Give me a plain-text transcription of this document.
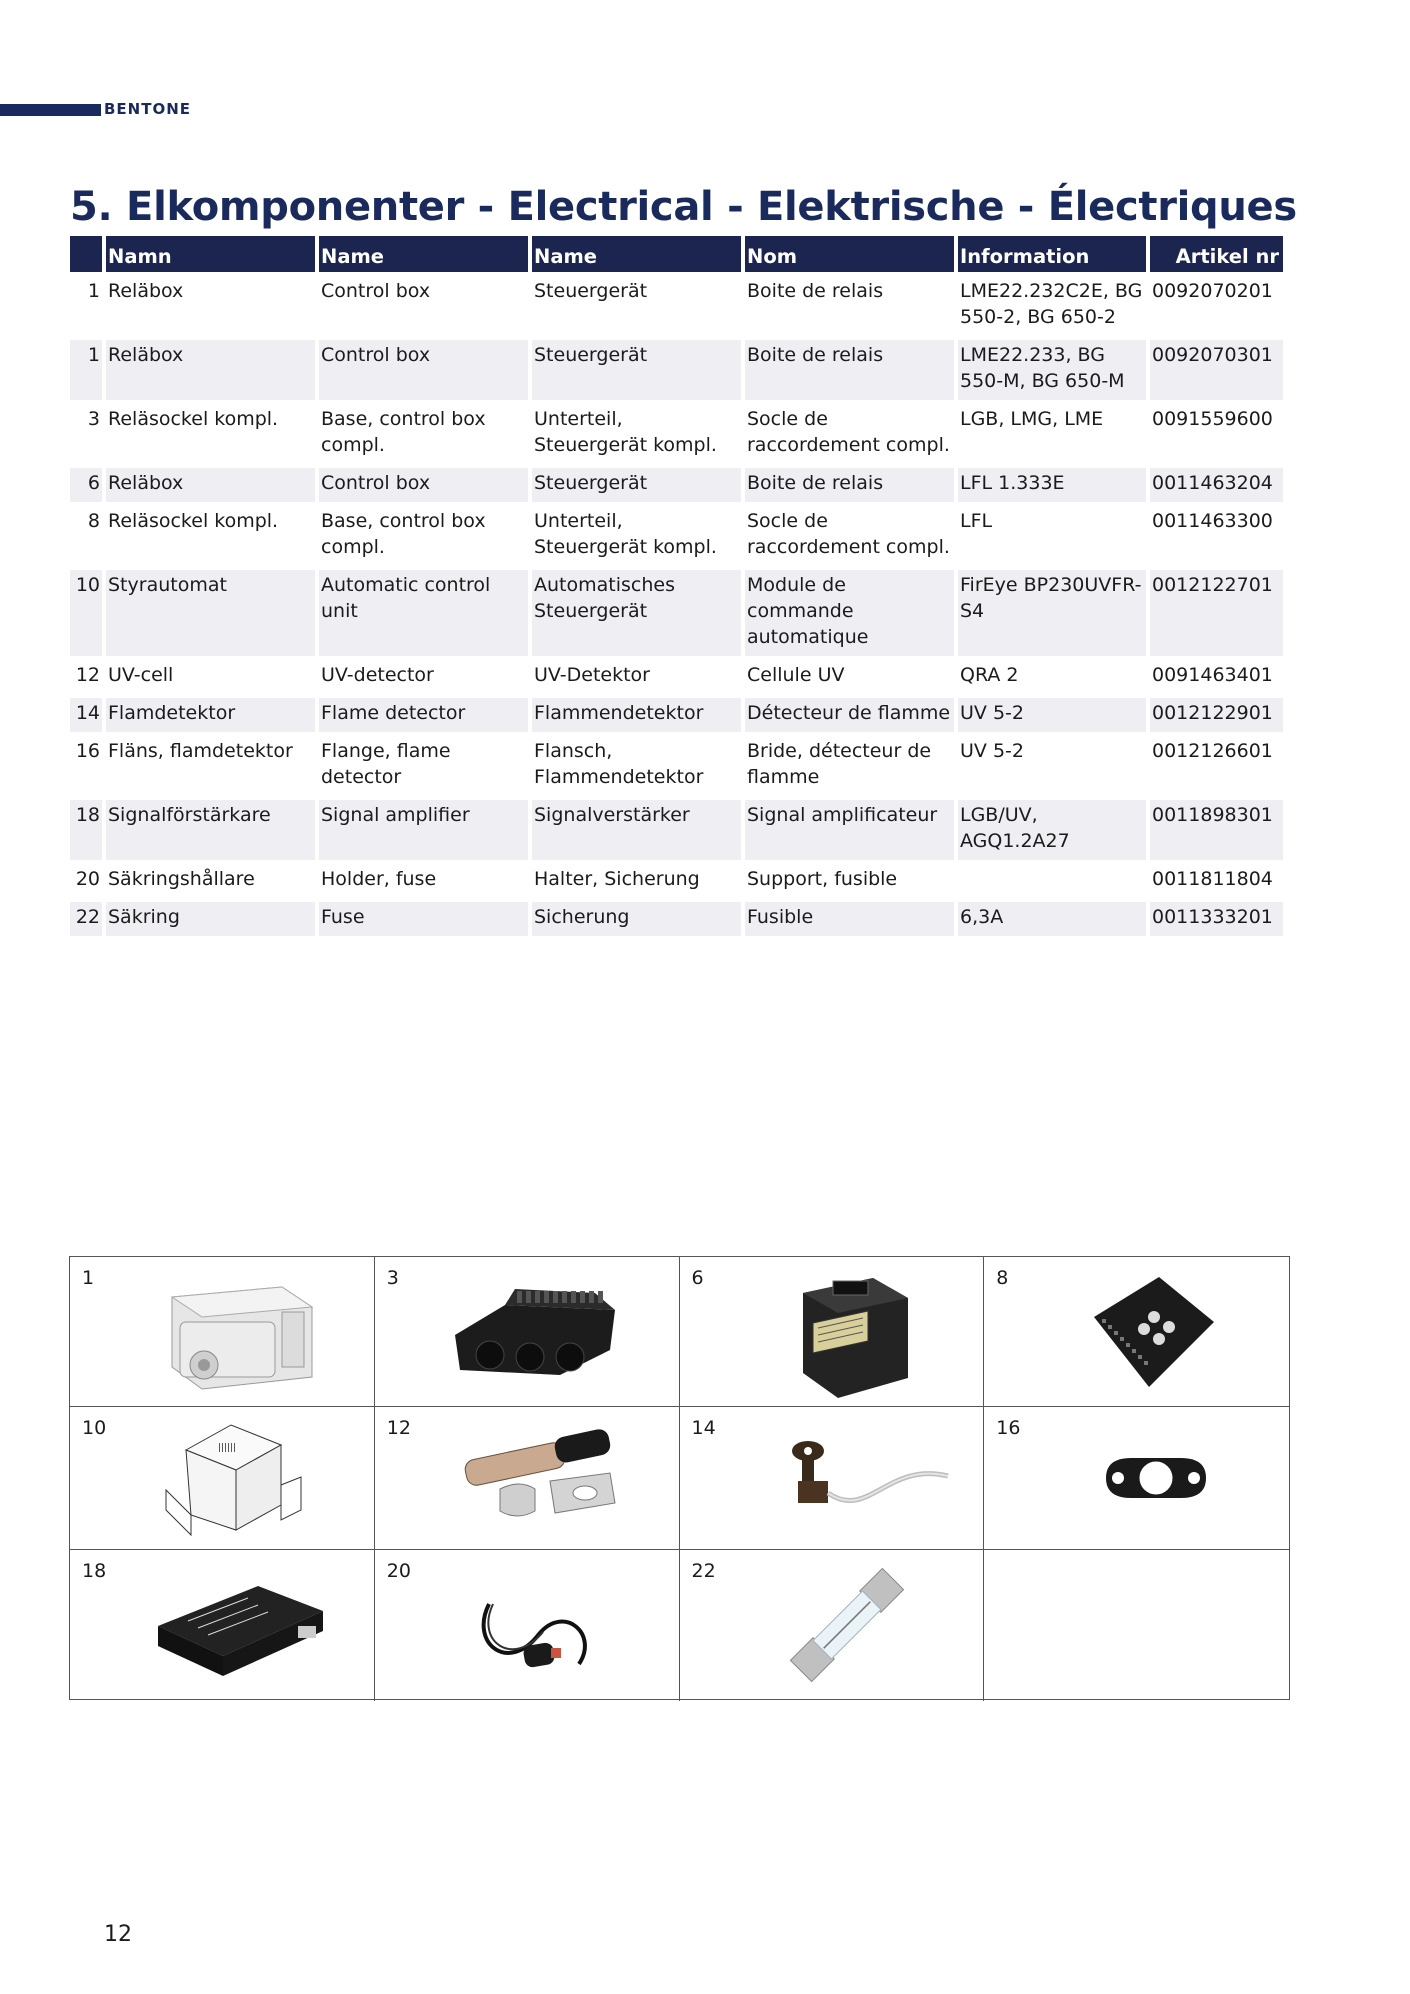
BENTONE
5. Elkomponenter - Electrical - Elektrische - Électriques
	Namn	Name	Name	Nom	Information	Artikel nr
1	Reläbox	Control box	Steuergerät	Boite de relais	LME22.232C2E, BG 550-2, BG 650-2	0092070201
1	Reläbox	Control box	Steuergerät	Boite de relais	LME22.233, BG 550-M, BG 650-M	0092070301
3	Reläsockel kompl.	Base, control box compl.	Unterteil, Steuergerät kompl.	Socle de raccordement compl.	LGB, LMG, LME	0091559600
6	Reläbox	Control box	Steuergerät	Boite de relais	LFL 1.333E	0011463204
8	Reläsockel kompl.	Base, control box compl.	Unterteil, Steuergerät kompl.	Socle de raccordement compl.	LFL	0011463300
10	Styrautomat	Automatic control unit	Automatisches Steuergerät	Module de commande automatique	FirEye BP230UVFR-S4	0012122701
12	UV-cell	UV-detector	UV-Detektor	Cellule UV	QRA 2	0091463401
14	Flamdetektor	Flame detector	Flammendetektor	Détecteur de flamme	UV 5-2	0012122901
16	Fläns, flamdetektor	Flange, flame detector	Flansch, Flammendetektor	Bride, détecteur de flamme	UV 5-2	0012126601
18	Signalförstärkare	Signal amplifier	Signalverstärker	Signal amplificateur	LGB/UV, AGQ1.2A27	0011898301
20	Säkringshållare	Holder, fuse	Halter, Sicherung	Support, fusible		0011811804
22	Säkring	Fuse	Sicherung	Fusible	6,3A	0011333201
1	3	6	8
10
||||||
12	14	16
18	20	22
12
